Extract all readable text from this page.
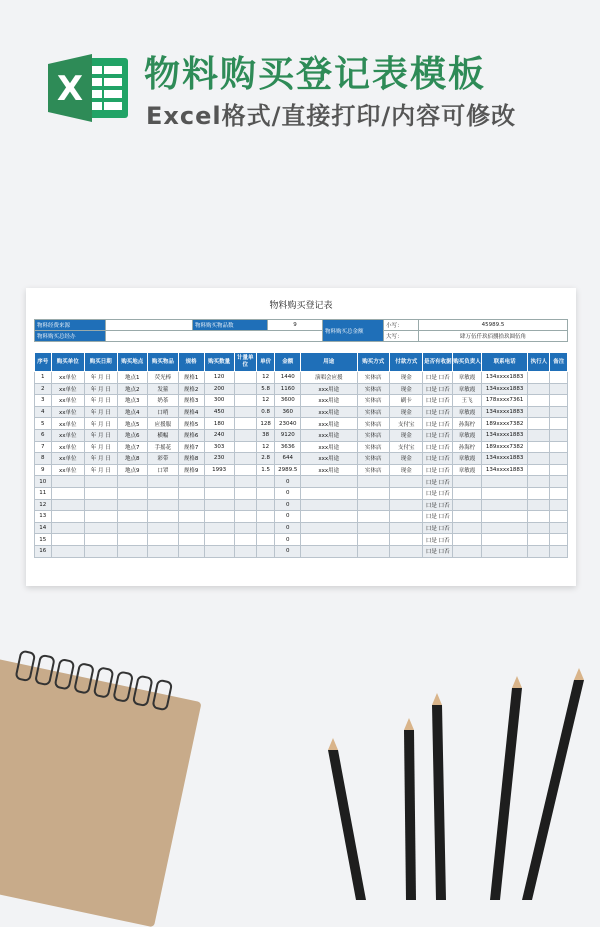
X 物料购买登记表模板
Excel格式/直接打印/内容可修改
物料购买登记表
物料经费来源		物料购买物品数	9	物料购买总金额	小写：	45989.5
物料购买总经办					大写：	肆万伍仟玖佰捌拾玖圆伍角
序号	购买单位	购买日期	购买地点	购买物品	规格	购买数量	计量单位	单价	金额	用途	购买方式	付款方式	是否有收据	购买负责人	联系电话	执行人	备注
1	xx单位	年 月 日	地点1	荧光棒	规格1	120		12	1440	演唱会应援	实体店	现金	口是 口否	章敏霞	134xxxx1883		
2	xx单位	年 月 日	地点2	发箍	规格2	200		5.8	1160	xxx用途	实体店	现金	口是 口否	章敏霞	134xxxx1883		
3	xx单位	年 月 日	地点3	奶茶	规格3	300		12	3600	xxx用途	实体店	刷卡	口是 口否	王飞	178xxxx7361		
4	xx单位	年 月 日	地点4	口哨	规格4	450		0.8	360	xxx用途	实体店	现金	口是 口否	章敏霞	134xxxx1883		
5	xx单位	年 月 日	地点5	应援服	规格5	180		128	23040	xxx用途	实体店	支付宝	口是 口否	孙海柠	189xxxx7382		
6	xx单位	年 月 日	地点6	横幅	规格6	240		38	9120	xxx用途	实体店	现金	口是 口否	章敏霞	134xxxx1883		
7	xx单位	年 月 日	地点7	手摇花	规格7	303		12	3636	xxx用途	实体店	支付宝	口是 口否	孙海柠	189xxxx7382		
8	xx单位	年 月 日	地点8	彩带	规格8	230		2.8	644	xxx用途	实体店	现金	口是 口否	章敏霞	134xxxx1883		
9	xx单位	年 月 日	地点9	口罩	规格9	1993		1.5	2989.5	xxx用途	实体店	现金	口是 口否	章敏霞	134xxxx1883		
10									0				口是 口否				
11									0				口是 口否				
12									0				口是 口否				
13									0				口是 口否				
14									0				口是 口否				
15									0				口是 口否				
16									0				口是 口否				
